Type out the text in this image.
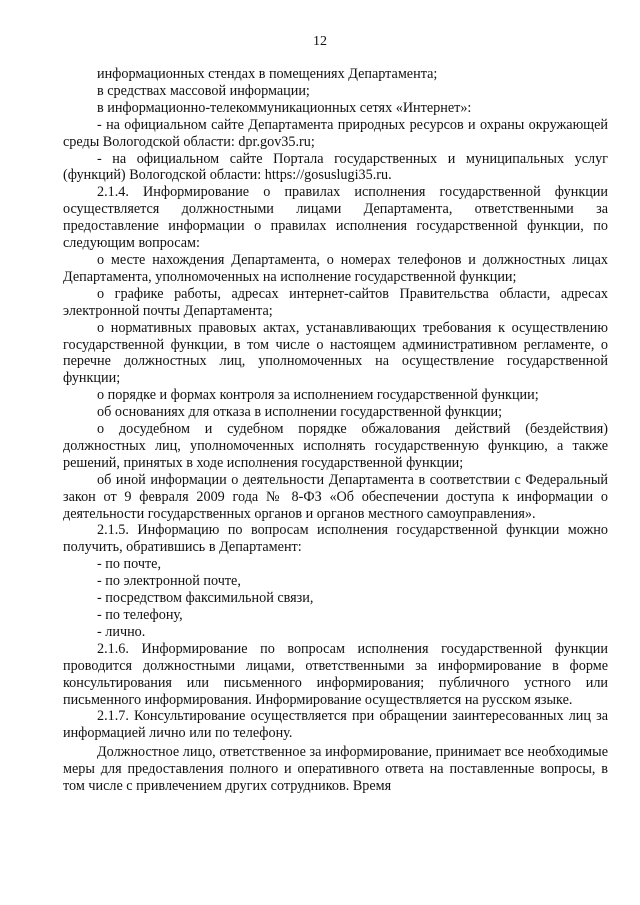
12

информационных стендах в помещениях Департамента;

в средствах массовой информации;

в информационно-телекоммуникационных сетях «Интернет»:

- на официальном сайте Департамента природных ресурсов и охраны окружающей среды Вологодской области: dpr.gov35.ru;

- на официальном сайте Портала государственных и муниципальных услуг (функций) Вологодской области: https://gosuslugi35.ru.

2.1.4. Информирование о правилах исполнения государственной функции осуществляется должностными лицами Департамента, ответственными за предоставление информации о правилах исполнения государственной функции, по следующим вопросам:

о месте нахождения Департамента, о номерах телефонов и должностных лицах Департамента, уполномоченных на исполнение государственной функции;

о графике работы, адресах интернет-сайтов Правительства области, адресах электронной почты Департамента;

о нормативных правовых актах, устанавливающих требования к осуществлению государственной функции, в том числе о настоящем административном регламенте, о перечне должностных лиц, уполномоченных на осуществление государственной функции;

о порядке и формах контроля за исполнением государственной функции;

об основаниях для отказа в исполнении государственной функции;

о досудебном и судебном порядке обжалования действий (бездействия) должностных лиц, уполномоченных исполнять государственную функцию, а также решений, принятых в ходе исполнения государственной функции;

об иной информации о деятельности Департамента в соответствии с Федеральный закон от 9 февраля 2009 года № 8-ФЗ «Об обеспечении доступа к информации о деятельности государственных органов и органов местного самоуправления».

2.1.5. Информацию по вопросам исполнения государственной функции можно получить, обратившись в Департамент:

- по почте,

- по электронной почте,

- посредством факсимильной связи,

- по телефону,

- лично.

2.1.6. Информирование по вопросам исполнения государственной функции проводится должностными лицами, ответственными за информирование в форме консультирования или письменного информирования; публичного устного или письменного информирования. Информирование осуществляется на русском языке.

2.1.7. Консультирование осуществляется при обращении заинтересованных лиц за информацией лично или по телефону.

Должностное лицо, ответственное за информирование, принимает все необходимые меры для предоставления полного и оперативного ответа на поставленные вопросы, в том числе с привлечением других сотрудников. Время
